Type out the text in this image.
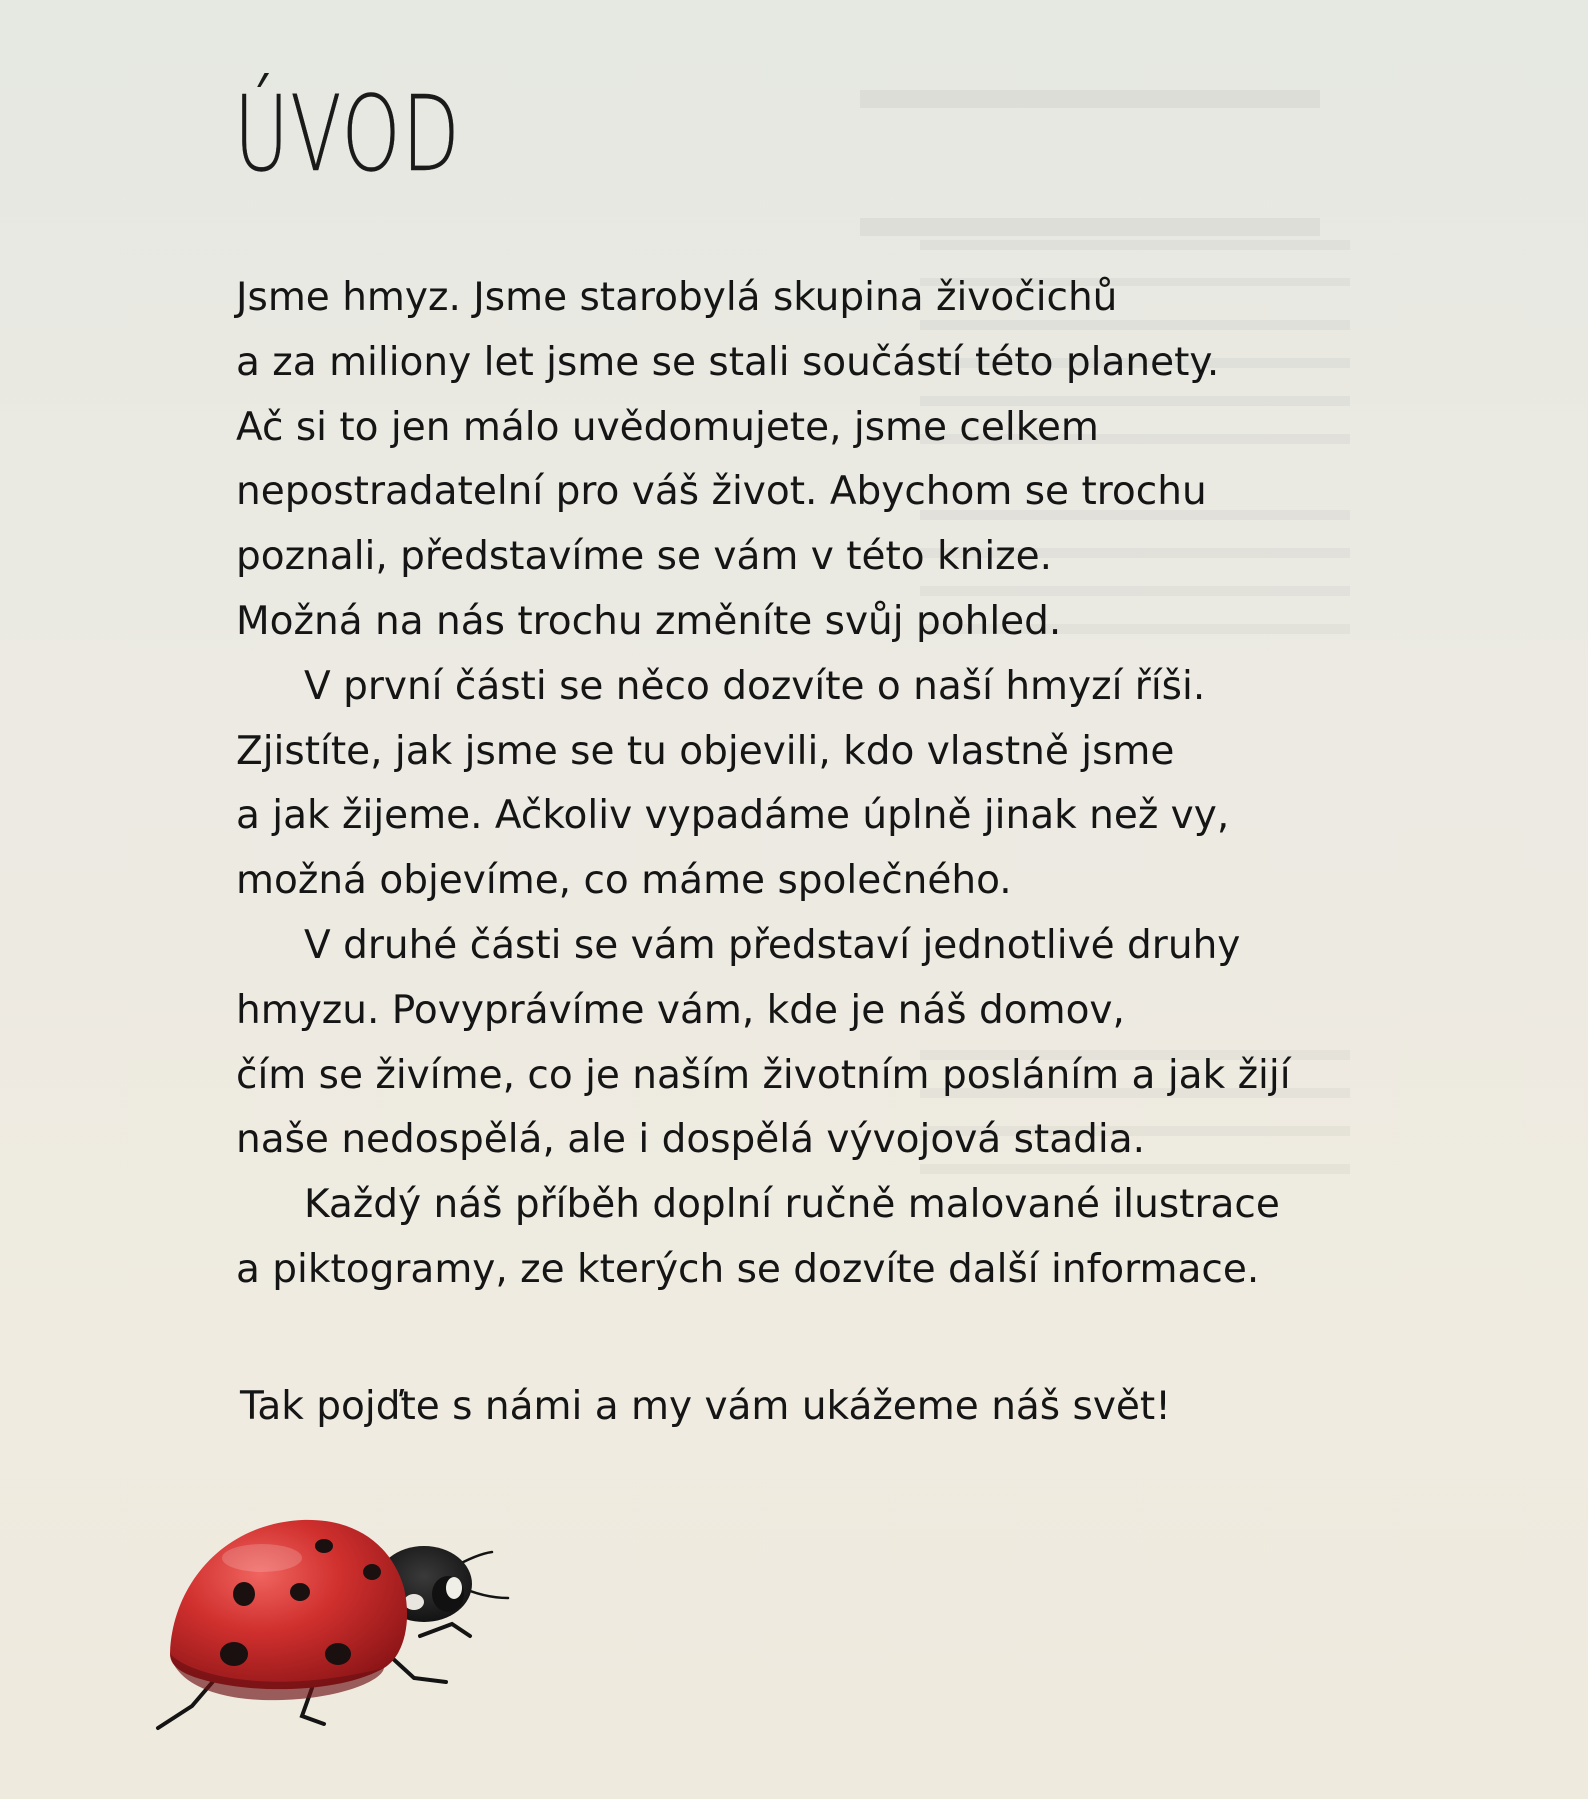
ÚVOD
Jsme hmyz. Jsme starobylá skupina živočichů
a za miliony let jsme se stali součástí této planety.
Ač si to jen málo uvědomujete, jsme celkem
nepostradatelní pro váš život. Abychom se trochu
poznali, představíme se vám v této knize.
Možná na nás trochu změníte svůj pohled.
V první části se něco dozvíte o naší hmyzí říši.
Zjistíte, jak jsme se tu objevili, kdo vlastně jsme
a jak žijeme. Ačkoliv vypadáme úplně jinak než vy,
možná objevíme, co máme společného.
V druhé části se vám představí jednotlivé druhy
hmyzu. Povyprávíme vám, kde je náš domov,
čím se živíme, co je naším životním posláním a jak žijí
naše nedospělá, ale i dospělá vývojová stadia.
Každý náš příběh doplní ručně malované ilustrace
a piktogramy, ze kterých se dozvíte další informace.
Tak pojďte s námi a my vám ukážeme náš svět!
